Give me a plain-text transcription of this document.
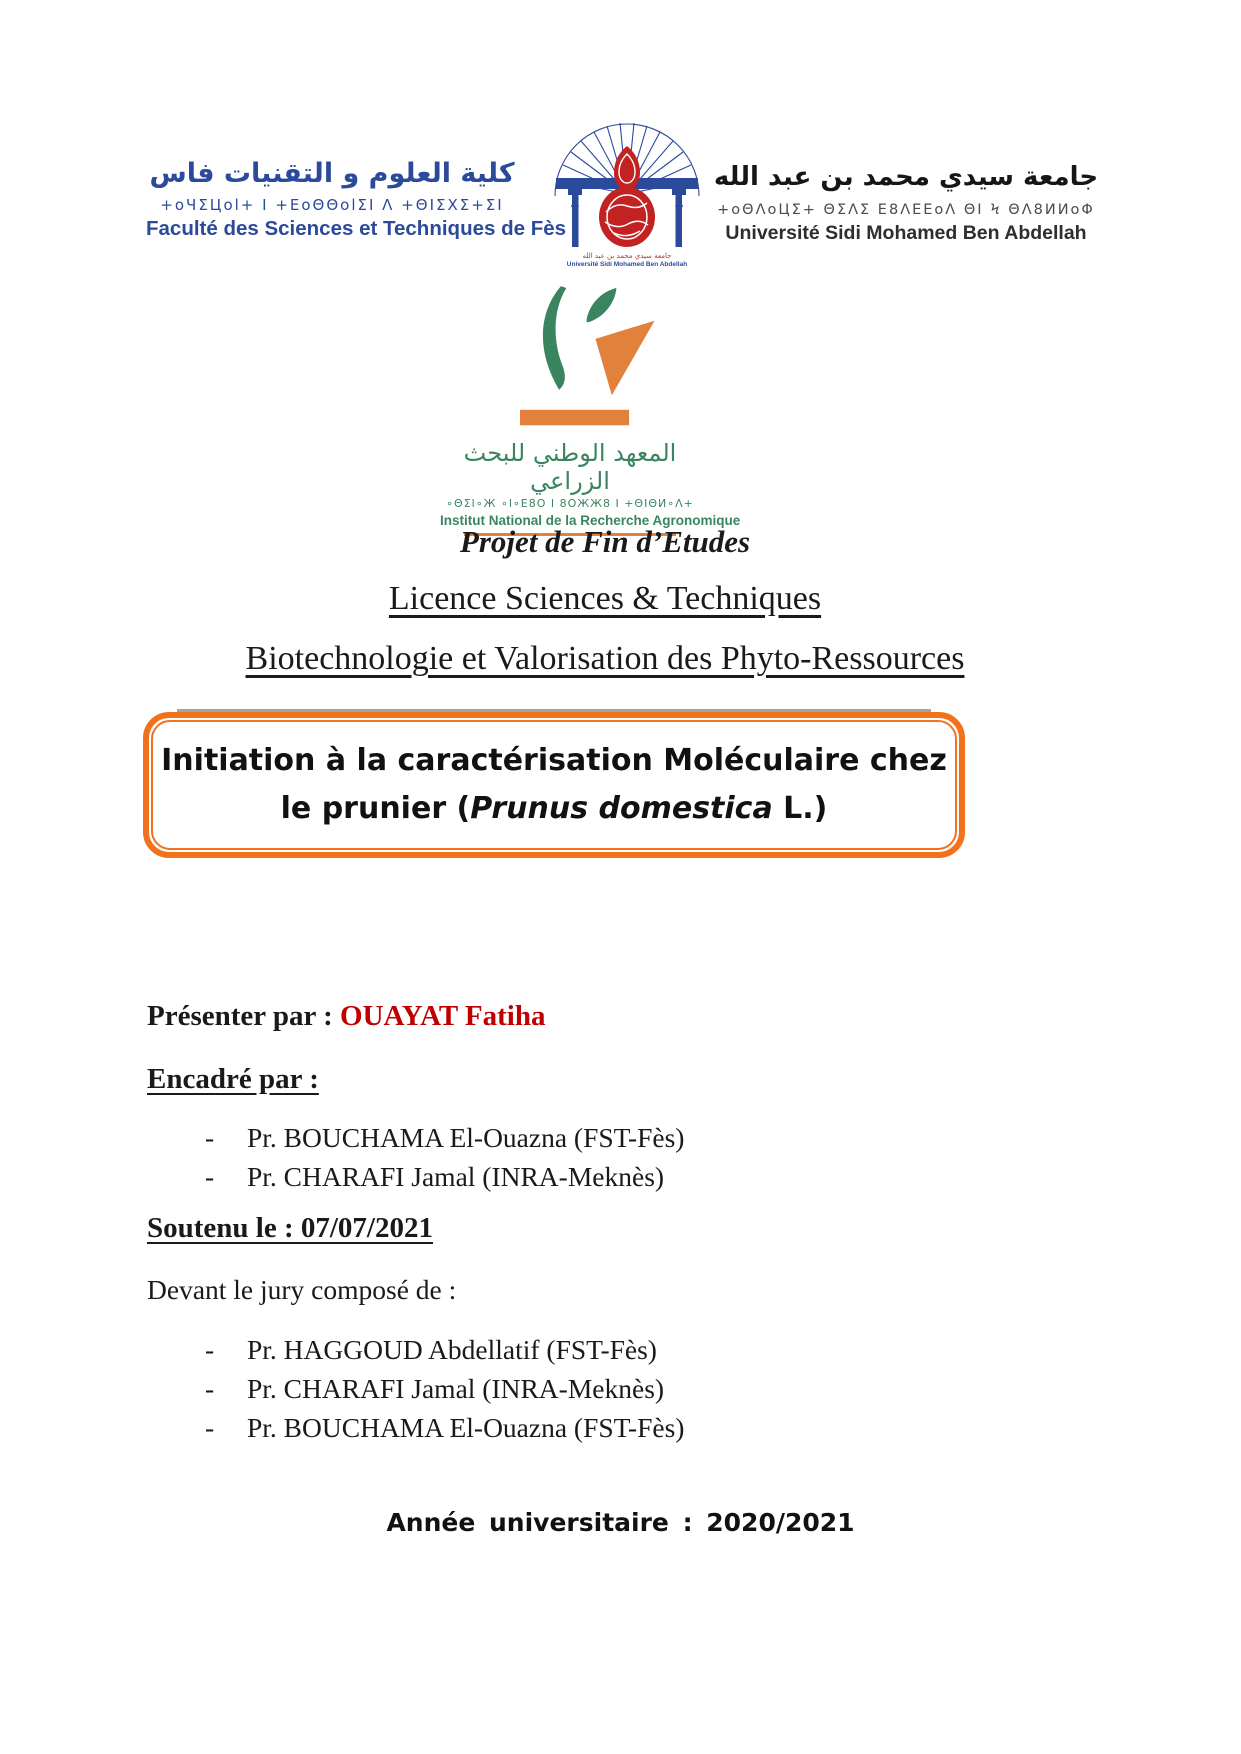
كلية العلوم و التقنيات فاس
+oЧΣЦol+ Ι +ЕoΘΘolΣΙ Λ +ΘΙΣΧΣ+ΣΙ
Faculté des Sciences et Techniques de Fès
جامعة سيدي محمد بن عبد الله
Université Sidi Mohamed Ben Abdellah
جامعة سيدي محمد بن عبد الله
+oΘΛoЦΣ+ ΘΣΛΣ Е8ΛЕЕoΛ ΘΙ Ϟ ΘΛ8ИИoΦ
Université Sidi Mohamed Ben Abdellah
المعهد الوطني للبحث الزراعي
∘ΘΣl∘Ж ∘l∘Е8О Ι 8ОЖЖ8 Ι +ΘΙΘИ∘Λ+
Institut National de la Recherche Agronomique
Projet de Fin d’Etudes
Licence Sciences & Techniques
Biotechnologie et Valorisation des Phyto-Ressources
Initiation à la caractérisation Moléculaire chez
le prunier (Prunus domestica L.)
Présenter par : OUAYAT Fatiha
Encadré par :
-	Pr. BOUCHAMA El-Ouazna (FST-Fès)
-	Pr. CHARAFI Jamal (INRA-Meknès)
Soutenu le : 07/07/2021
Devant le jury composé de :
-	Pr. HAGGOUD Abdellatif (FST-Fès)
-	Pr. CHARAFI Jamal (INRA-Meknès)
-	Pr. BOUCHAMA El-Ouazna (FST-Fès)
Année universitaire : 2020/2021
